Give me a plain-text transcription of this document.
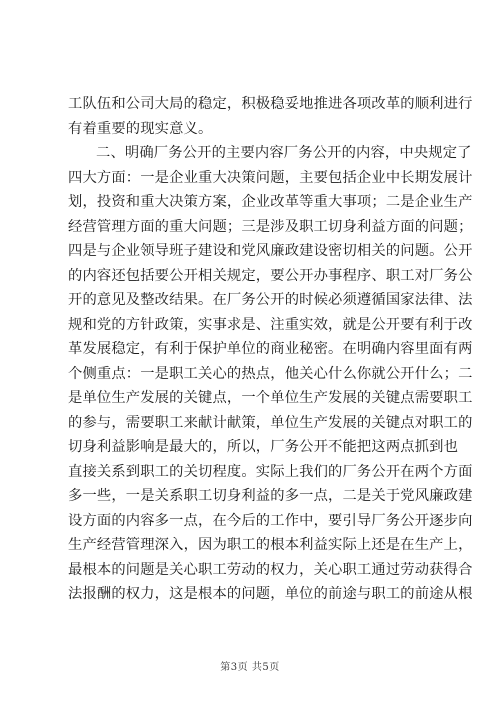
工队伍和公司大局的稳定，积极稳妥地推进各项改革的顺利进行
有着重要的现实意义。
二、明确厂务公开的主要内容厂务公开的内容，中央规定了
四大方面：一是企业重大决策问题，主要包括企业中长期发展计
划，投资和重大决策方案，企业改革等重大事项；二是企业生产
经营管理方面的重大问题；三是涉及职工切身利益方面的问题；
四是与企业领导班子建设和党风廉政建设密切相关的问题。公开
的内容还包括要公开相关规定，要公开办事程序、职工对厂务公
开的意见及整改结果。在厂务公开的时候必须遵循国家法律、法
规和党的方针政策，实事求是、注重实效，就是公开要有利于改
革发展稳定，有利于保护单位的商业秘密。在明确内容里面有两
个侧重点：一是职工关心的热点，他关心什么你就公开什么；二
是单位生产发展的关键点，一个单位生产发展的关键点需要职工
的参与，需要职工来献计献策，单位生产发展的关键点对职工的
切身利益影响是最大的，所以，厂务公开不能把这两点抓到也
直接关系到职工的关切程度。实际上我们的厂务公开在两个方面
多一些，一是关系职工切身利益的多一点，二是关于党风廉政建
设方面的内容多一点，在今后的工作中，要引导厂务公开逐步向
生产经营管理深入，因为职工的根本利益实际上还是在生产上，
最根本的问题是关心职工劳动的权力，关心职工通过劳动获得合
法报酬的权力，这是根本的问题，单位的前途与职工的前途从根
第3页 共5页
